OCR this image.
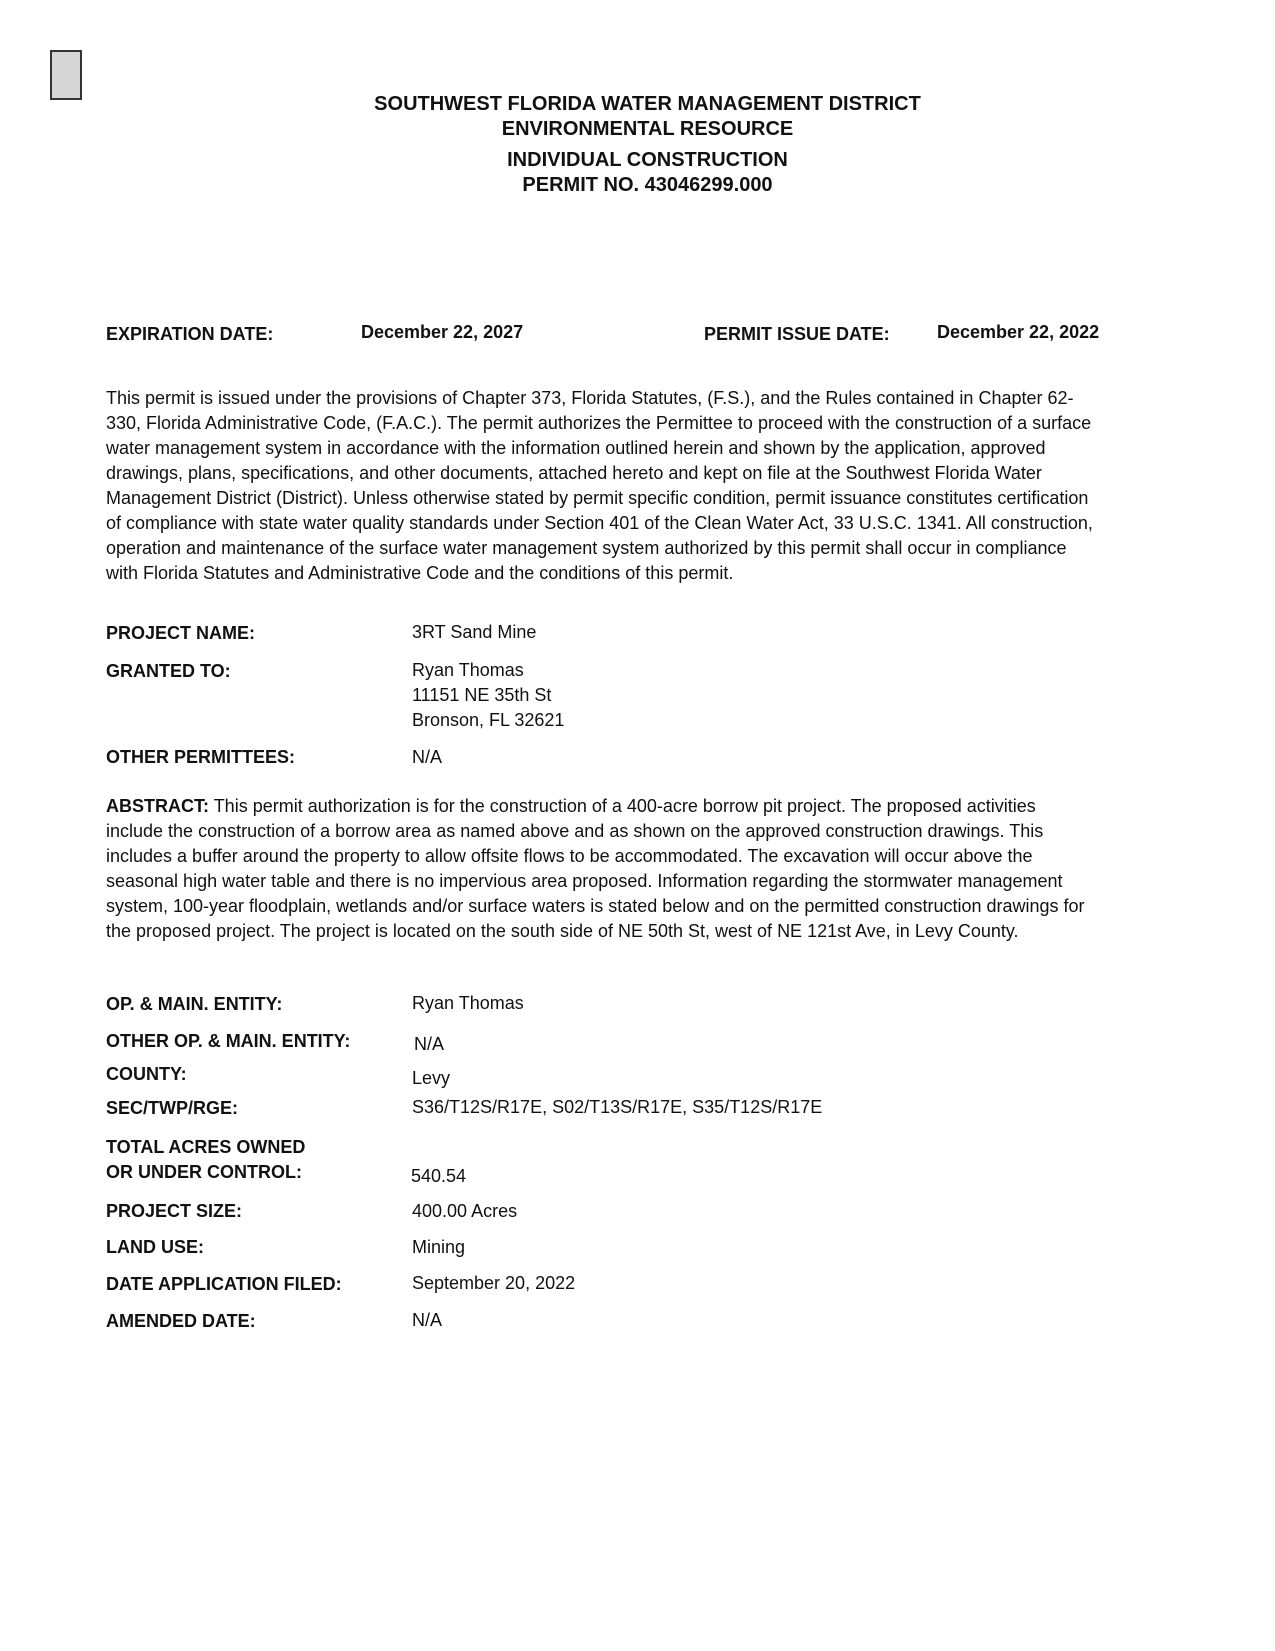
SOUTHWEST FLORIDA WATER MANAGEMENT DISTRICT
ENVIRONMENTAL RESOURCE
INDIVIDUAL CONSTRUCTION
PERMIT NO. 43046299.000
EXPIRATION DATE:	December 22, 2027	PERMIT ISSUE DATE:	December 22, 2022

This permit is issued under the provisions of Chapter 373, Florida Statutes, (F.S.), and the Rules contained in Chapter 62-330, Florida Administrative Code, (F.A.C.). The permit authorizes the Permittee to proceed with the construction of a surface water management system in accordance with the information outlined herein and shown by the application, approved drawings, plans, specifications, and other documents, attached hereto and kept on file at the Southwest Florida Water Management District (District). Unless otherwise stated by permit specific condition, permit issuance constitutes certification of compliance with state water quality standards under Section 401 of the Clean Water Act, 33 U.S.C. 1341. All construction, operation and maintenance of the surface water management system authorized by this permit shall occur in compliance with Florida Statutes and Administrative Code and the conditions of this permit.

PROJECT NAME:	3RT Sand Mine
GRANTED TO:	Ryan Thomas
11151 NE 35th St
Bronson, FL 32621
OTHER PERMITTEES:	N/A

ABSTRACT: This permit authorization is for the construction of a 400-acre borrow pit project. The proposed activities include the construction of a borrow area as named above and as shown on the approved construction drawings. This includes a buffer around the property to allow offsite flows to be accommodated. The excavation will occur above the seasonal high water table and there is no impervious area proposed. Information regarding the stormwater management system, 100-year floodplain, wetlands and/or surface waters is stated below and on the permitted construction drawings for the proposed project. The project is located on the south side of NE 50th St, west of NE 121st Ave, in Levy County.

OP. & MAIN. ENTITY:	Ryan Thomas
OTHER OP. & MAIN. ENTITY:	N/A
COUNTY:	Levy
SEC/TWP/RGE:	S36/T12S/R17E, S02/T13S/R17E, S35/T12S/R17E
TOTAL ACRES OWNED
OR UNDER CONTROL:	540.54
PROJECT SIZE:	400.00 Acres
LAND USE:	Mining
DATE APPLICATION FILED:	September 20, 2022
AMENDED DATE:	N/A
